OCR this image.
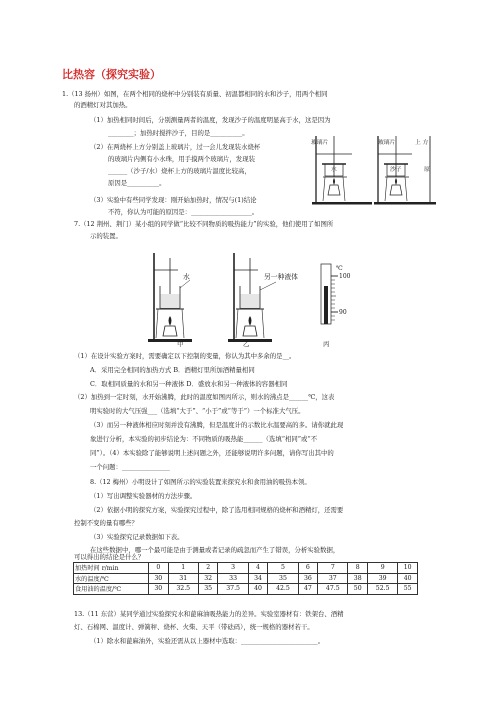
比热容（探究实验）
1.（13 扬州）如图，在两个相同的烧杯中分别装有质量、初温都相同的水和沙子，用两个相同
的酒精灯对其加热。
（1）加热相同时间后，分别测量两者的温度，发现沙子的温度明显高于水，这是因为
________；加热时搅拌沙子，目的是__________。
（2）在两烧杯上方分别盖上玻璃片，过一会儿发现装水烧杯
的玻璃片内侧有小水珠，用手摸两个玻璃片，发现装
______（沙子/水）烧杯上方的玻璃片温度比较高，
原因是__________。
（3）实验中有些同学发现：刚开始加热时，情况与(1)结论
不符，你认为可能的原因是：___________________。
玻璃片	玻璃片	上 方
原
水	沙子
7.（12 荆州、荆门）某小组的同学做“比较不同物质的吸热能力”的实验，他们使用了如图所
示的装置。
水	另一种液体
℃
100
90
甲	乙	丙
（1）在设计实验方案时，需要确定以下控制的变量，你认为其中多余的是__。
A．采用完全相同的加热方式 B．酒精灯里所加酒精量相同
C．取相同质量的水和另一种液体 D．盛放水和另一种液体的容器相同
（2）加热到一定时刻，水开始沸腾，此时的温度如图丙所示，则水的沸点是______℃，这表
明实验时的大气压强___（选填“大于”、“小于”或“等于”）一个标准大气压。
（3）而另一种液体相应时刻并没有沸腾，但是温度计的示数比水温要高的多。请你就此现
象进行分析，本实验的初步结论为：不同物质的吸热能______（选填“相同”或“不
同”）。（4）本实验除了能够说明上述问题之外，还能够说明许多问题，请你写出其中的
一个问题：_______________
8.（12 梅州）小明设计了如图所示的实验装置来探究水和食用油的吸热本领。
（1）写出调整实验器材的方法步骤。
（2）依据小明的探究方案，实验探究过程中，除了选用相同规格的烧杯和酒精灯，还需要
控制不变的量有哪些？
（3）实验探究记录数据如下表。
在这些数据中，哪一个最可能是由于测量或者记录的疏忽而产生了错误，分析实验数据，
可以得出的结论是什么？
加热时间 r/min	0	1	2	3	4	5	6	7	8	9	10
水的温度/℃	30	31	32	33	34	35	36	37	38	39	40
食用油的温度/℃	30	32.5	35	37.5	40	42.5	47	47.5	50	52.5	55
13.（11 东营）某同学通过实验探究水和蓖麻油吸热能力的差异。实验室器材有：铁架台、酒精
灯、石棉网、温度计、弹簧秤、烧杯、火柴、天平（带砝码），统一规格的器材若干。
（1）除水和蓖麻油外，实验还需从以上器材中选取：________________________。
